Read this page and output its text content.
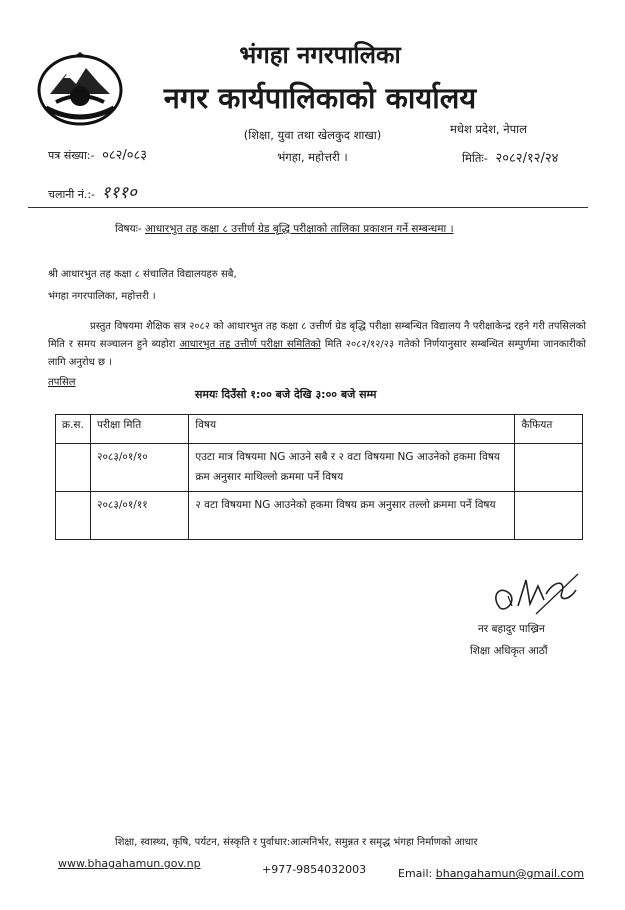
भंगहा नगरपालिका
नगर कार्यपालिकाको कार्यालय
(शिक्षा, युवा तथा खेलकुद शाखा)
भंगहा, महोत्तरी ।
मधेश प्रदेश, नेपाल
पत्र संख्या:- ०८२/०८३	मितिः- २०८२/१२/२४
चलानी नं.:- १११०
विषयः- आधारभुत तह कक्षा ८ उत्तीर्ण ग्रेड बृद्धि परीक्षाको तालिका प्रकाशन गर्ने सम्बन्धमा ।
श्री आधारभुत तह कक्षा ८ संचालित विद्यालयहरु सबै,
भंगहा नगरपालिका, महोत्तरी ।
प्रस्तुत विषयमा शैक्षिक सत्र २०८२ को आधारभुत तह कक्षा ८ उत्तीर्ण ग्रेड बृद्धि परीक्षा सम्बन्धित विद्यालय नै परीक्षाकेन्द्र रहने गरी तपसिलको मिति र समय सञ्चालन हुने ब्यहोरा आधारभुत तह उत्तीर्ण परीक्षा समितिको मिति २०८२/१२/२३ गतेको निर्णयानुसार सम्बन्धित सम्पुर्णमा जानकारीको लागि अनुरोध छ ।
तपसिल
समयः दिउँसो १:०० बजे देखि ३:०० बजे सम्म
क्र.स.	परीक्षा मिति	विषय	कैफियत
	२०८३/०१/१०	एउटा मात्र विषयमा NG आउने सबै र २ वटा विषयमा NG आउनेको हकमा विषय क्रम अनुसार माथिल्लो क्रममा पर्ने विषय	
	२०८३/०१/११	२ वटा विषयमा NG आउनेको हकमा विषय क्रम अनुसार तल्लो क्रममा पर्ने विषय	
नर बहादुर पाख्रिन
शिक्षा अधिकृत आठौं
शिक्षा, स्वास्थ्य, कृषि, पर्यटन, संस्कृति र पुर्वाधार:आत्मनिर्भर, समुन्नत र समृद्ध भंगहा निर्माणको आधार
www.bhagahamun.gov.np	+977-9854032003	Email: bhangahamun@gmail.com
